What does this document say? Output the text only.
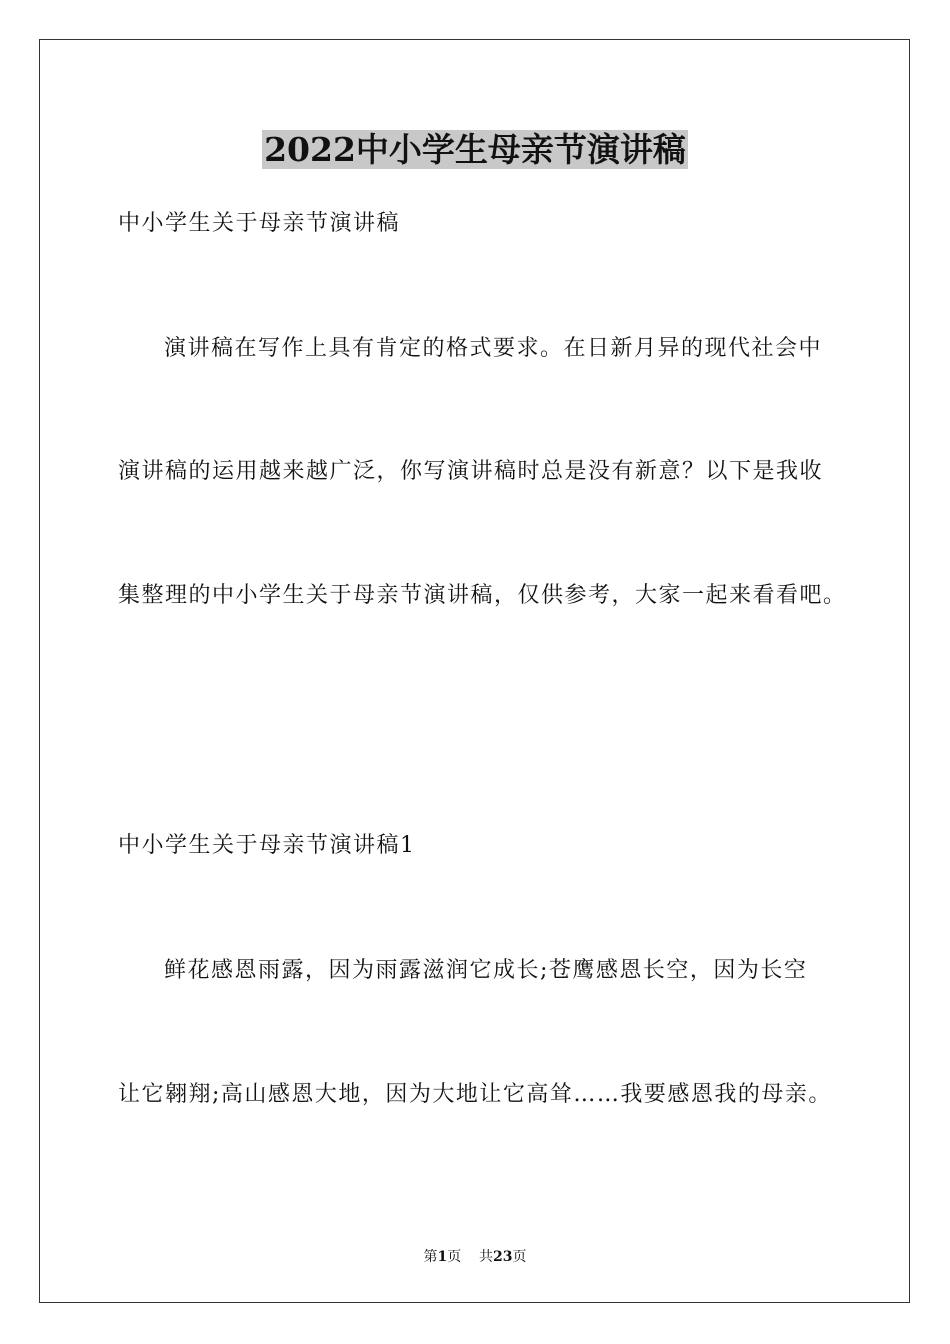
2022中小学生母亲节演讲稿
中小学生关于母亲节演讲稿
演讲稿在写作上具有肯定的格式要求。在日新月异的现代社会中
演讲稿的运用越来越广泛，你写演讲稿时总是没有新意？以下是我收
集整理的中小学生关于母亲节演讲稿，仅供参考，大家一起来看看吧。
中小学生关于母亲节演讲稿1
鲜花感恩雨露，因为雨露滋润它成长;苍鹰感恩长空，因为长空
让它翱翔;高山感恩大地，因为大地让它高耸……我要感恩我的母亲。
第1页 共23页
